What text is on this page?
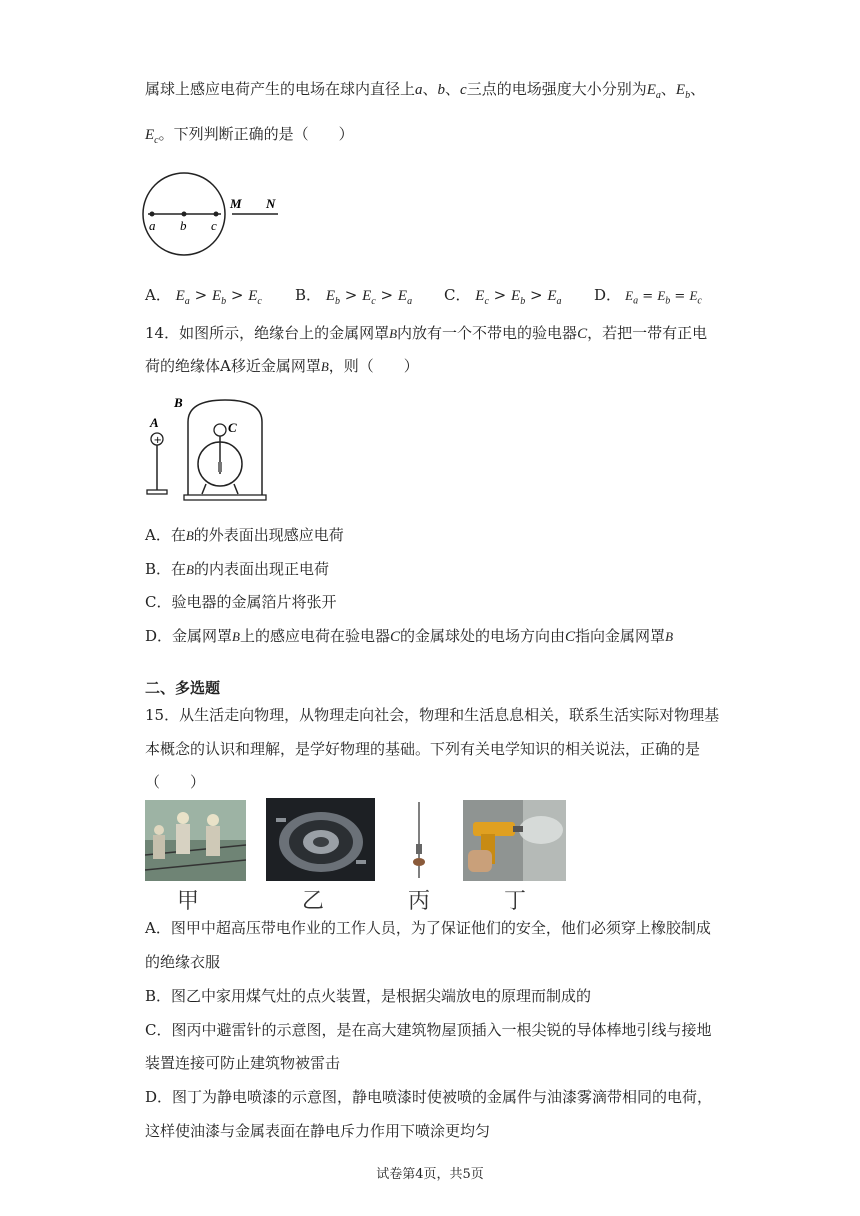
属球上感应电荷产生的电场在球内直径上a、b、c三点的电场强度大小分别为$E_a$、$E_b$、
$E_c$。下列判断正确的是（　　）
M N
a b c
A． $E_a > E_b > E_c$ B． $E_b > E_c > E_a$ C． $E_c > E_b > E_a$ D． $E_a = E_b = E_c$
14．如图所示，绝缘台上的金属网罩B内放有一个不带电的验电器C，若把一带有正电
荷的绝缘体A移近金属网罩B，则（　　）
A
+
B
C
A．在B的外表面出现感应电荷
B．在B的内表面出现正电荷
C．验电器的金属箔片将张开
D．金属网罩B上的感应电荷在验电器C的金属球处的电场方向由C指向金属网罩B
二、多选题
15．从生活走向物理，从物理走向社会，物理和生活息息相关，联系生活实际对物理基
本概念的认识和理解，是学好物理的基础。下列有关电学知识的相关说法，正确的是
（　　）
甲	乙	丙	丁
A．图甲中超高压带电作业的工作人员，为了保证他们的安全，他们必须穿上橡胶制成
的绝缘衣服
B．图乙中家用煤气灶的点火装置，是根据尖端放电的原理而制成的
C．图丙中避雷针的示意图，是在高大建筑物屋顶插入一根尖锐的导体棒地引线与接地
装置连接可防止建筑物被雷击
D．图丁为静电喷漆的示意图，静电喷漆时使被喷的金属件与油漆雾滴带相同的电荷，
这样使油漆与金属表面在静电斥力作用下喷涂更均匀
试卷第4页，共5页
